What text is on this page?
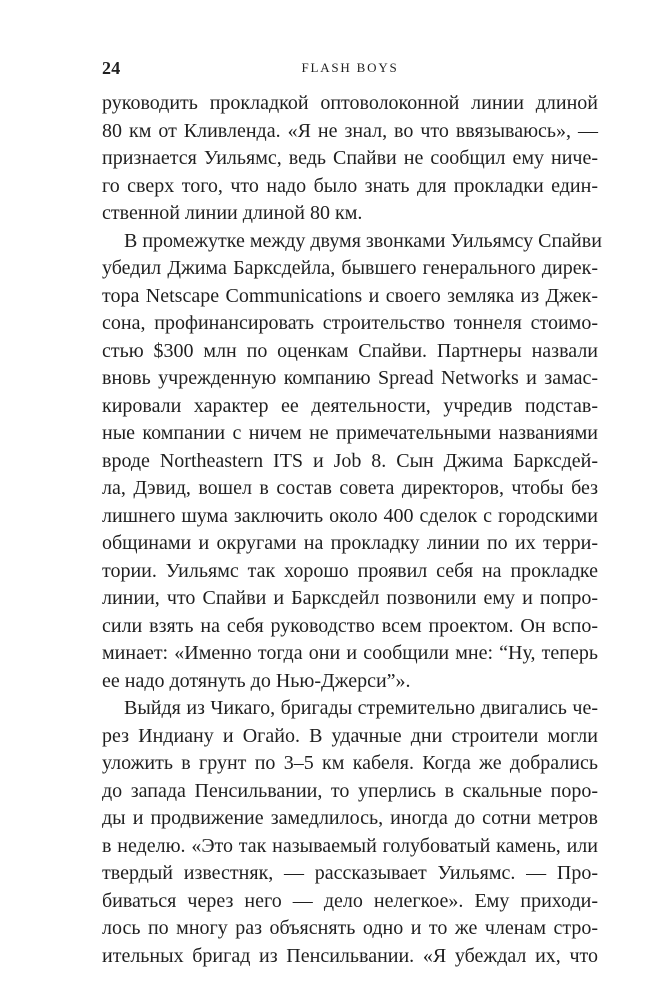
24	FLASH BOYS
руководить прокладкой оптоволоконной линии длиной
80 км от Кливленда. «Я не знал, во что ввязываюсь», —
признается Уильямс, ведь Спайви не сообщил ему ниче-
го сверх того, что надо было знать для прокладки един-
ственной линии длиной 80 км.
В промежутке между двумя звонками Уильямсу Спайви
убедил Джима Барксдейла, бывшего генерального дирек-
тора Netscape Communications и своего земляка из Джек-
сона, профинансировать строительство тоннеля стоимо-
стью $300 млн по оценкам Спайви. Партнеры назвали
вновь учрежденную компанию Spread Networks и замас-
кировали характер ее деятельности, учредив подстав-
ные компании с ничем не примечательными названиями
вроде Northeastern ITS и Job 8. Сын Джима Барксдей-
ла, Дэвид, вошел в состав совета директоров, чтобы без
лишнего шума заключить около 400 сделок с городскими
общинами и округами на прокладку линии по их терри-
тории. Уильямс так хорошо проявил себя на прокладке
линии, что Спайви и Барксдейл позвонили ему и попро-
сили взять на себя руководство всем проектом. Он вспо-
минает: «Именно тогда они и сообщили мне: “Ну, теперь
ее надо дотянуть до Нью-Джерси”».
Выйдя из Чикаго, бригады стремительно двигались че-
рез Индиану и Огайо. В удачные дни строители могли
уложить в грунт по 3–5 км кабеля. Когда же добрались
до запада Пенсильвании, то уперлись в скальные поро-
ды и продвижение замедлилось, иногда до сотни метров
в неделю. «Это так называемый голубоватый камень, или
твердый известняк, — рассказывает Уильямс. — Про-
биваться через него — дело нелегкое». Ему приходи-
лось по многу раз объяснять одно и то же членам стро-
ительных бригад из Пенсильвании. «Я убеждал их, что
